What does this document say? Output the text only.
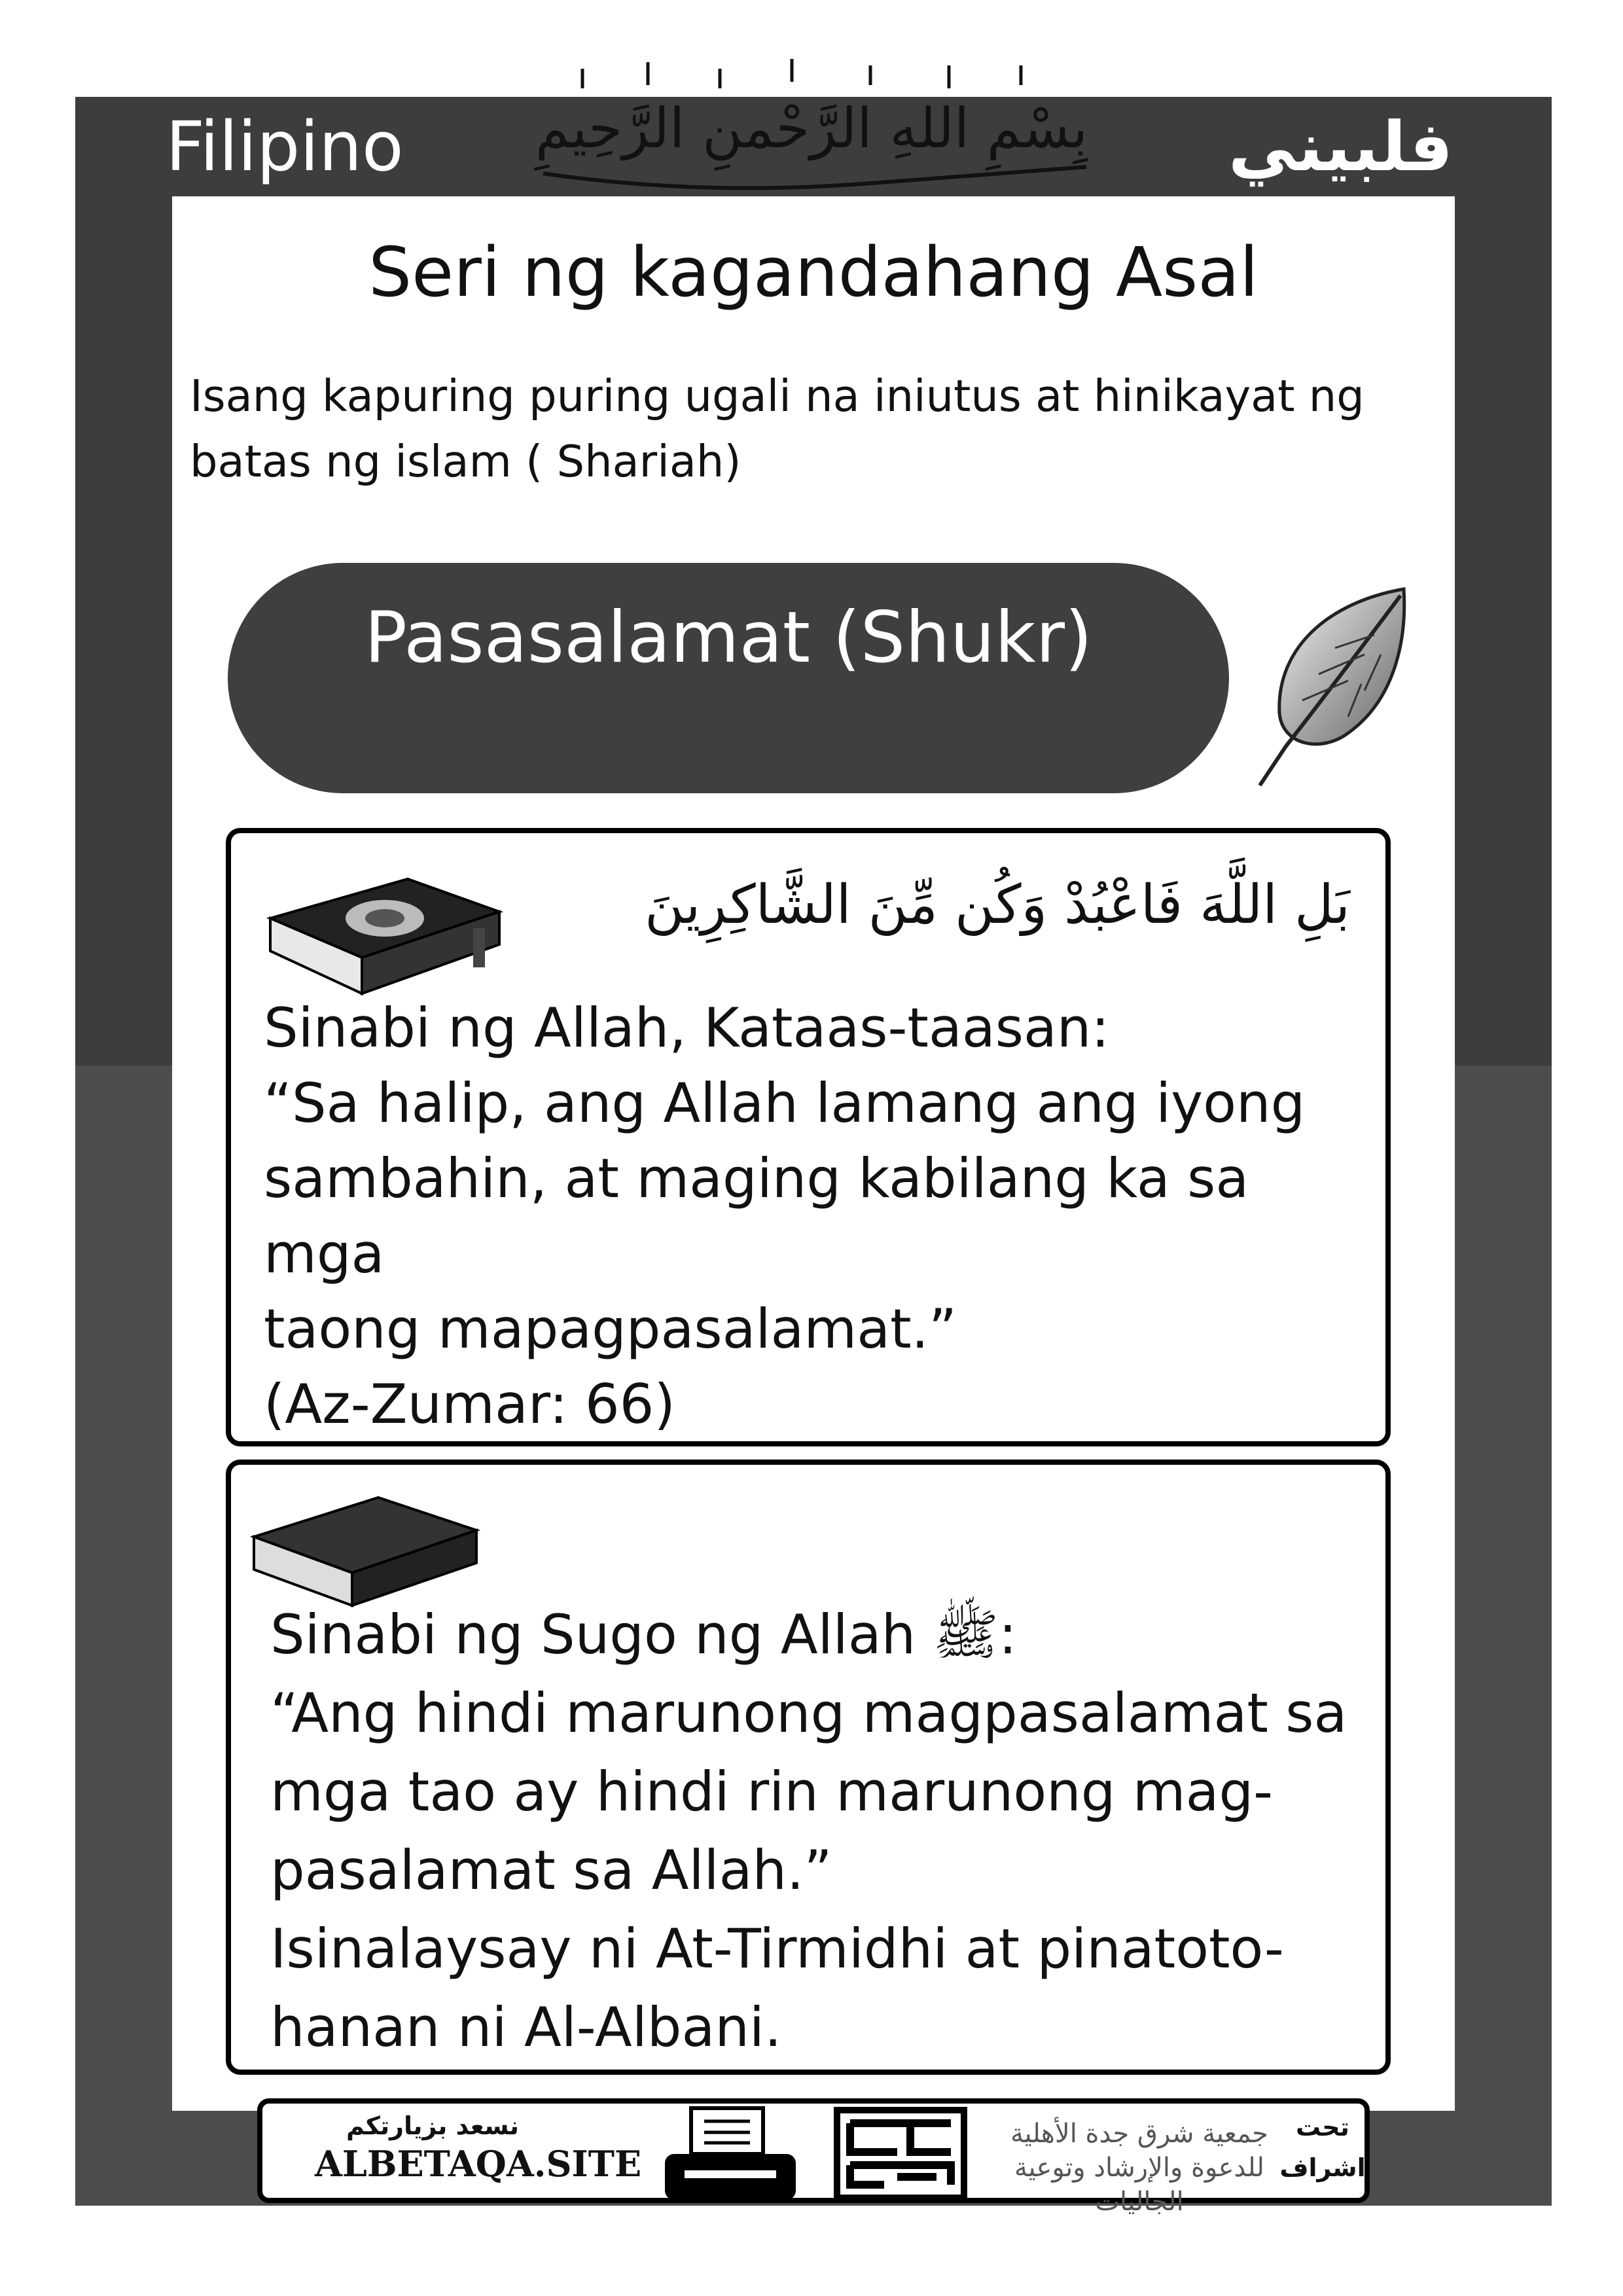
Filipino	فلبيني
بِسْمِ اللهِ الرَّحْمنِ الرَّحِيمِ
Seri ng kagandahang Asal
Isang kapuring puring ugali na iniutus at hinikayat ng batas ng islam ( Shariah)
Pasasalamat (Shukr)
بَلِ اللَّهَ فَاعْبُدْ وَكُن مِّنَ الشَّاكِرِينَ
Sinabi ng Allah, Kataas-taasan:
“Sa halip, ang Allah lamang ang iyong
sambahin, at maging kabilang ka sa mga
taong mapagpasalamat.”
(Az-Zumar: 66)
Sinabi ng Sugo ng Allah ﷺ:
“Ang hindi marunong magpasalamat sa
mga tao ay hindi rin marunong mag-
pasalamat sa Allah.”
Isinalaysay ni At-Tirmidhi at pinatoto-
hanan ni Al-Albani.
نسعد بزيارتكم
ALBETAQA.SITE
جمعية شرق جدة الأهلية
للدعوة والإرشاد وتوعية الجاليات
تحت
اشراف
